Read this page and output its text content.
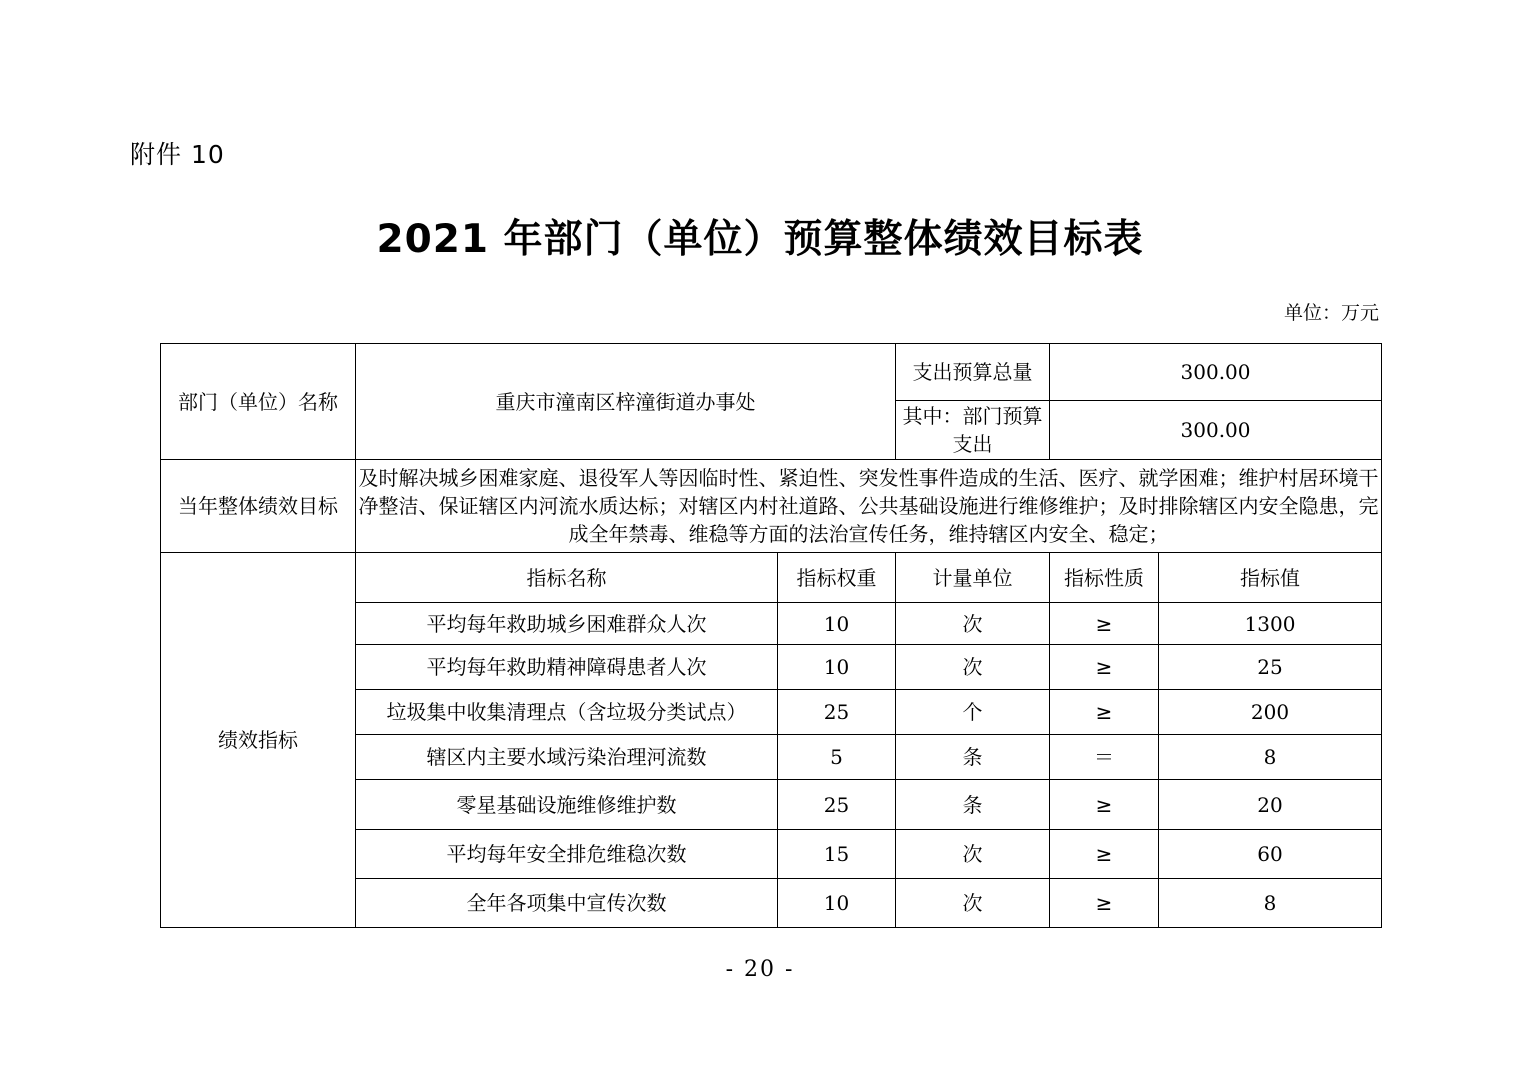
附件 10
2021 年部门（单位）预算整体绩效目标表
单位：万元
部门（单位）名称	重庆市潼南区梓潼街道办事处		支出预算总量	300.00	
			其中：部门预算支出	300.00	
当年整体绩效目标	及时解决城乡困难家庭、退役军人等因临时性、紧迫性、突发性事件造成的生活、医疗、就学困难；维护村居环境干净整洁、保证辖区内河流水质达标；对辖区内村社道路、公共基础设施进行维修维护；及时排除辖区内安全隐患，完成全年禁毒、维稳等方面的法治宣传任务，维持辖区内安全、稳定；				
绩效指标	指标名称	指标权重	计量单位	指标性质	指标值
	平均每年救助城乡困难群众人次	10	次	≥	1300
	平均每年救助精神障碍患者人次	10	次	≥	25
	垃圾集中收集清理点（含垃圾分类试点）	25	个	≥	200
	辖区内主要水域污染治理河流数	5	条	＝	8
	零星基础设施维修维护数	25	条	≥	20
	平均每年安全排危维稳次数	15	次	≥	60
	全年各项集中宣传次数	10	次	≥	8
- 20 -
